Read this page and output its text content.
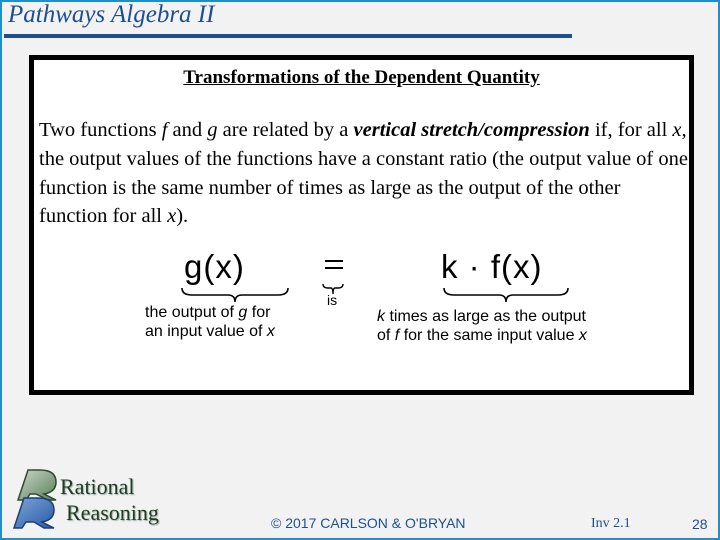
Pathways Algebra II
Transformations of the Dependent Quantity
Two functions f and g are related by a vertical stretch/compression if, for all x, the output values of the functions have a constant ratio (the output value of one function is the same number of times as large as the output of the other function for all x).
g(x)
is
k · f(x)
the output of g for
an input value of x
k times as large as the output
of f for the same input value x
Rational
Reasoning	© 2017 CARLSON & O'BRYAN	Inv 2.1	28
